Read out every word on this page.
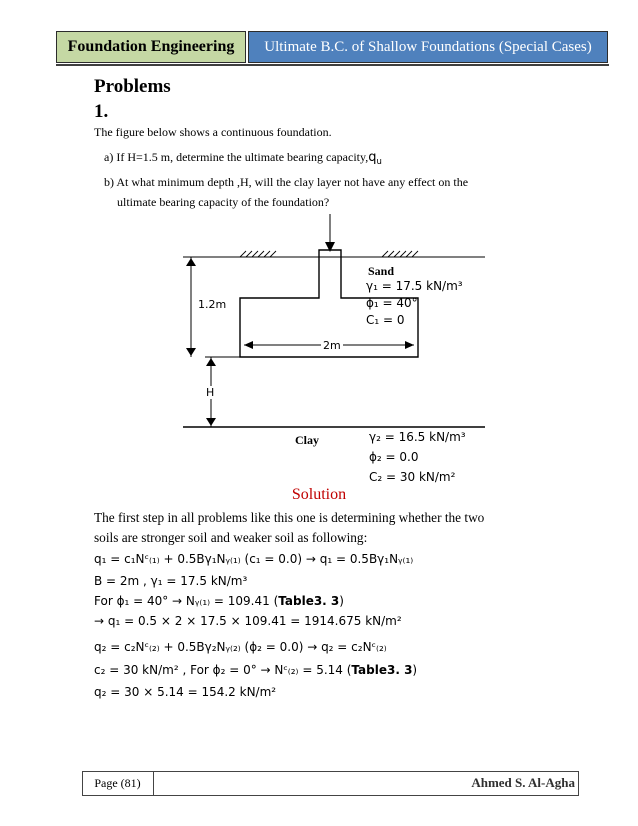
Foundation Engineering	Ultimate B.C. of Shallow Foundations (Special Cases)
Problems
1.
The figure below shows a continuous foundation.
a) If H=1.5 m, determine the ultimate bearing $capacity,q_u$
b) At what minimum depth ,H, will the clay layer not have any effect on the
ultimate bearing capacity of the foundation?
1.2m
2m
H
Sand
γ₁ = 17.5 kN/m³
ϕ₁ = 40°
C₁ = 0
Clay	γ₂ = 16.5 kN/m³
ϕ₂ = 0.0
C₂ = 30 kN/m²
Solution
The first step in all problems like this one is determining whether the two
soils are stronger soil and weaker soil as following:
q₁ = c₁Nᶜ₍₁₎ + 0.5Bγ₁Nᵧ₍₁₎ (c₁ = 0.0) → q₁ = 0.5Bγ₁Nᵧ₍₁₎
B = 2m , γ₁ = 17.5 kN/m³
For ϕ₁ = 40° → Nᵧ₍₁₎ = 109.41 (Table3. 3)
→ q₁ = 0.5 × 2 × 17.5 × 109.41 = 1914.675 kN/m²
q₂ = c₂Nᶜ₍₂₎ + 0.5Bγ₂Nᵧ₍₂₎ (ϕ₂ = 0.0) → q₂ = c₂Nᶜ₍₂₎
c₂ = 30 kN/m² , For ϕ₂ = 0° → Nᶜ₍₂₎ = 5.14 (Table3. 3)
q₂ = 30 × 5.14 = 154.2 kN/m²
Page (81)	Ahmed S. Al-Agha
